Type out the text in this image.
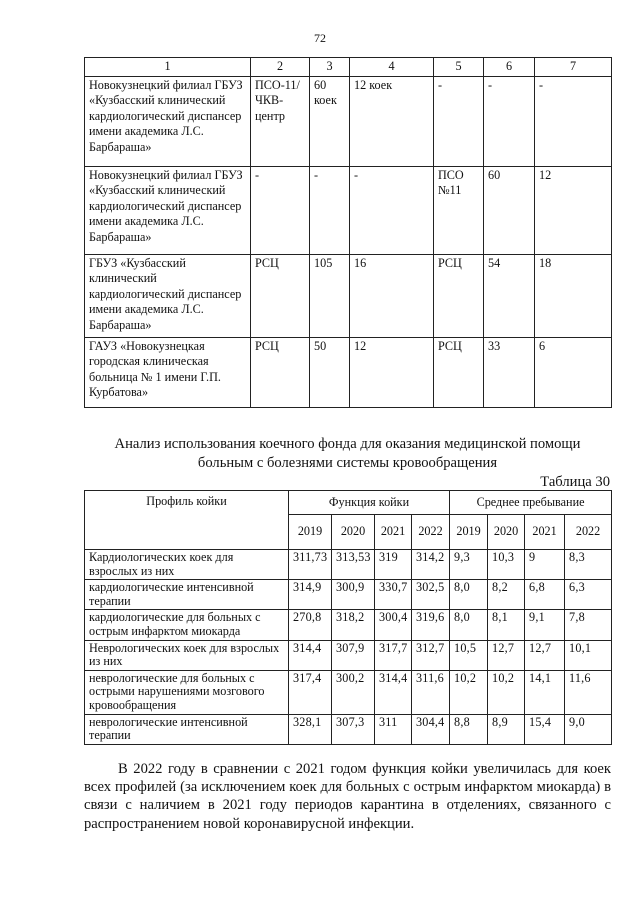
72
1	2	3	4	5	6	7
Новокузнецкий филиал ГБУЗ «Кузбасский клинический кардиологический диспансер имени академика Л.С. Барбараша»	ПСО-11/ЧКВ-центр	60 коек	12 коек	-	-	-
Новокузнецкий филиал ГБУЗ «Кузбасский клинический кардиологический диспансер имени академика Л.С. Барбараша»	-	-	-	ПСО №11	60	12
ГБУЗ «Кузбасский клинический кардиологический диспансер имени академика Л.С. Барбараша»	РСЦ	105	16	РСЦ	54	18
ГАУЗ «Новокузнецкая городская клиническая больница № 1 имени Г.П. Курбатова»	РСЦ	50	12	РСЦ	33	6
Анализ использования коечного фонда для оказания медицинской помощи
больным с болезнями системы кровообращения
Таблица 30
Профиль койки	Функция койки				Среднее пребывание			
	2019	2020	2021	2022	2019	2020	2021	2022
Кардиологических коек для взрослых из них	311,73	313,53	319	314,2	9,3	10,3	9	8,3
кардиологические интенсивной терапии	314,9	300,9	330,7	302,5	8,0	8,2	6,8	6,3
кардиологические для больных с острым инфарктом миокарда	270,8	318,2	300,4	319,6	8,0	8,1	9,1	7,8
Неврологических коек для взрослых из них	314,4	307,9	317,7	312,7	10,5	12,7	12,7	10,1
неврологические для больных с острыми нарушениями мозгового кровообращения	317,4	300,2	314,4	311,6	10,2	10,2	14,1	11,6
неврологические интенсивной терапии	328,1	307,3	311	304,4	8,8	8,9	15,4	9,0

В 2022 году в сравнении с 2021 годом функция койки увеличилась для коек всех профилей (за исключением коек для больных с острым инфарктом миокарда) в связи с наличием в 2021 году периодов карантина в отделениях, связанного с распространением новой коронавирусной инфекции.
